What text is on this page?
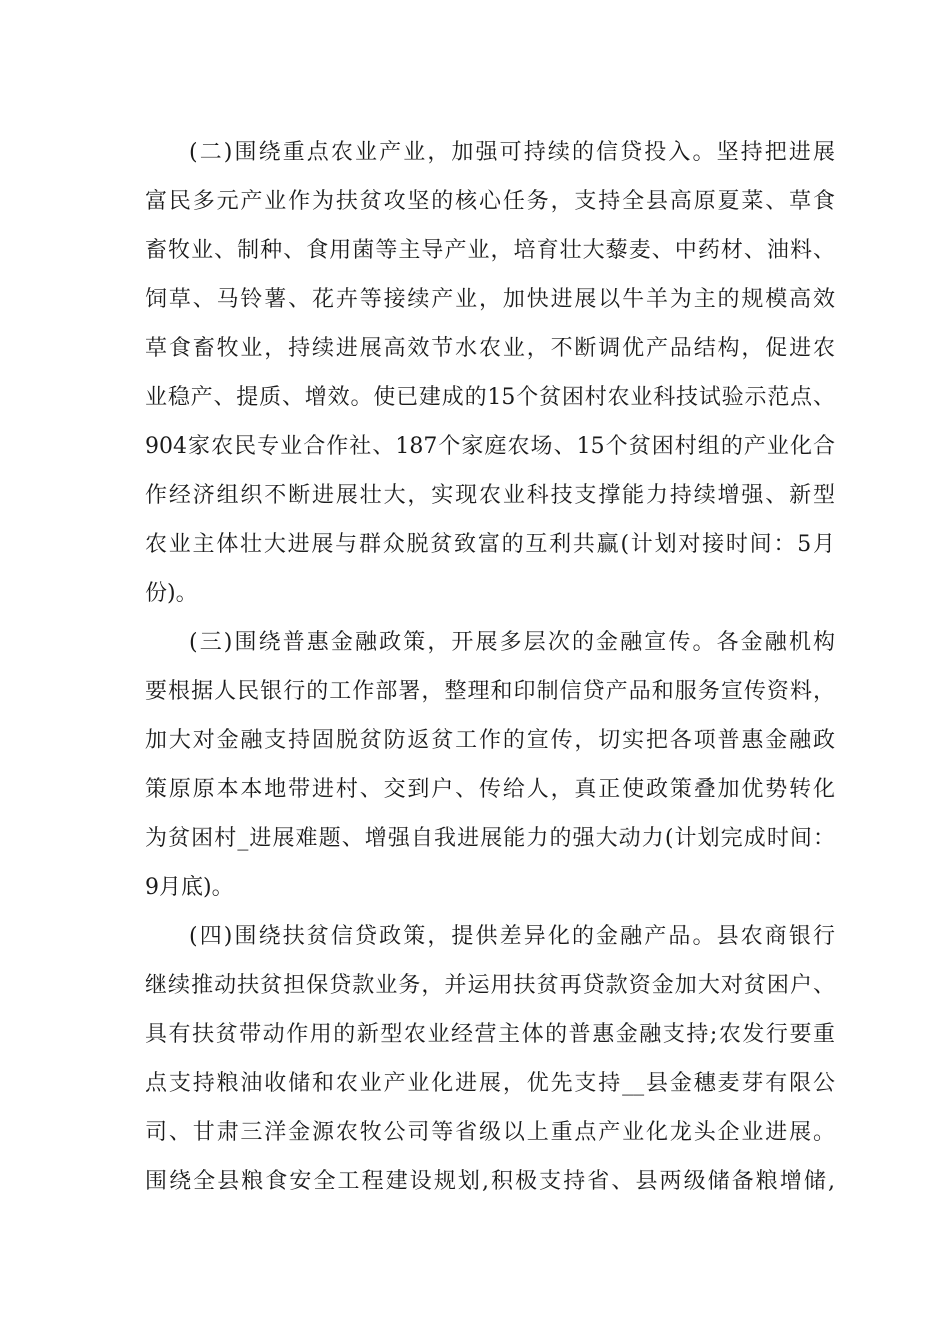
(二)围绕重点农业产业，加强可持续的信贷投入。坚持把进展
富民多元产业作为扶贫攻坚的核心任务，支持全县高原夏菜、草食
畜牧业、制种、食用菌等主导产业，培育壮大藜麦、中药材、油料、
饲草、马铃薯、花卉等接续产业，加快进展以牛羊为主的规模高效
草食畜牧业，持续进展高效节水农业，不断调优产品结构，促进农
业稳产、提质、增效。使已建成的15个贫困村农业科技试验示范点、
904家农民专业合作社、187个家庭农场、15个贫困村组的产业化合
作经济组织不断进展壮大，实现农业科技支撑能力持续增强、新型
农业主体壮大进展与群众脱贫致富的互利共赢(计划对接时间：5月
份)。
(三)围绕普惠金融政策，开展多层次的金融宣传。各金融机构
要根据人民银行的工作部署，整理和印制信贷产品和服务宣传资料，
加大对金融支持固脱贫防返贫工作的宣传，切实把各项普惠金融政
策原原本本地带进村、交到户、传给人，真正使政策叠加优势转化
为贫困村_进展难题、增强自我进展能力的强大动力(计划完成时间：
9月底)。
(四)围绕扶贫信贷政策，提供差异化的金融产品。县农商银行
继续推动扶贫担保贷款业务，并运用扶贫再贷款资金加大对贫困户、
具有扶贫带动作用的新型农业经营主体的普惠金融支持;农发行要重
点支持粮油收储和农业产业化进展，优先支持__县金穗麦芽有限公
司、甘肃三洋金源农牧公司等省级以上重点产业化龙头企业进展。
围绕全县粮食安全工程建设规划,积极支持省、县两级储备粮增储,
